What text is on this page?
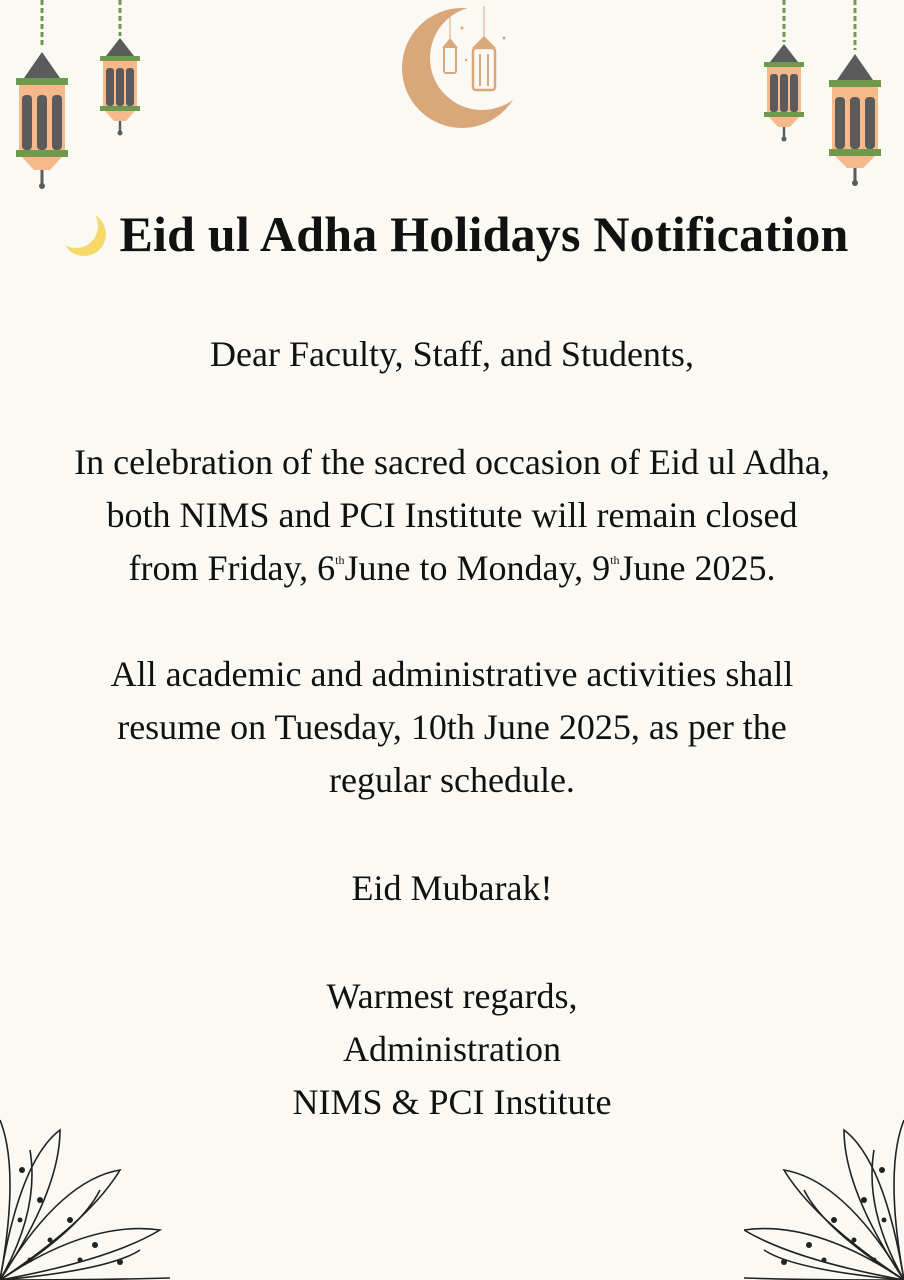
Eid ul Adha Holidays Notification

Dear Faculty, Staff, and Students,

In celebration of the sacred occasion of Eid ul Adha,
both NIMS and PCI Institute will remain closed
from Friday, 6thJune to Monday, 9thJune 2025.

All academic and administrative activities shall
resume on Tuesday, 10th June 2025, as per the
regular schedule.

Eid Mubarak!

Warmest regards,
Administration
NIMS & PCI Institute
